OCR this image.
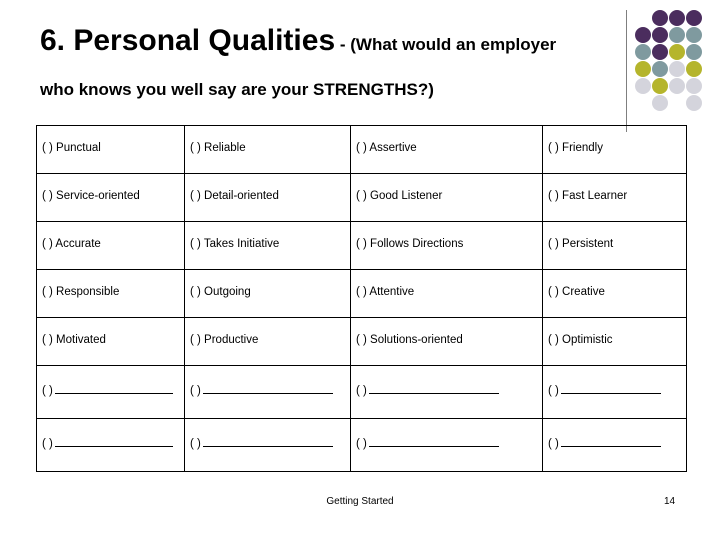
6. Personal Qualities - (What would an employer
who knows you well say are your STRENGTHS?)
( ) Punctual	( ) Reliable	( ) Assertive	( ) Friendly
( ) Service-oriented	( ) Detail-oriented	( ) Good Listener	( ) Fast Learner
( ) Accurate	( ) Takes Initiative	( ) Follows Directions	( ) Persistent
( ) Responsible	( ) Outgoing	( ) Attentive	( ) Creative
( ) Motivated	( ) Productive	( ) Solutions-oriented	( ) Optimistic
( )	( )	( )	( )
( )	( )	( )	( )
Getting Started	14
